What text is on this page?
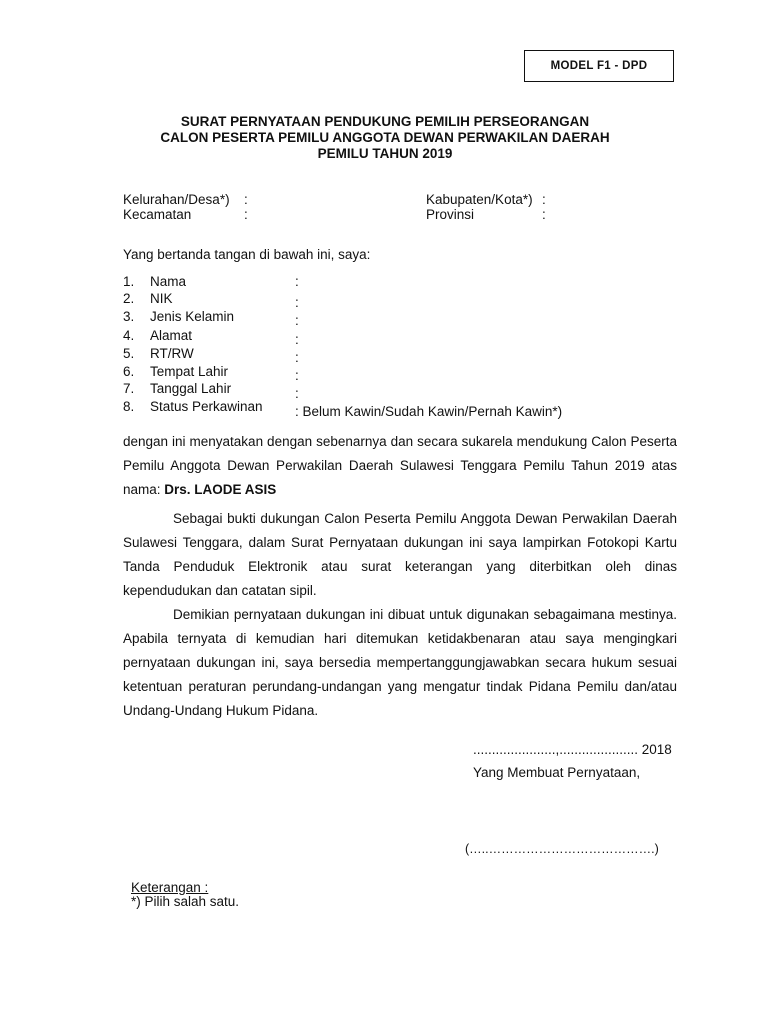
MODEL F1 - DPD
SURAT PERNYATAAN PENDUKUNG PEMILIH PERSEORANGAN
CALON PESERTA PEMILU ANGGOTA DEWAN PERWAKILAN DAERAH
PEMILU TAHUN 2019
Kelurahan/Desa*) :
Kecamatan	:
Kabupaten/Kota*) :
Provinsi	:
Yang bertanda tangan di bawah ini, saya:
1. Nama	:
2. NIK	:
3. Jenis Kelamin	:
4. Alamat	:
5. RT/RW	:
6. Tempat Lahir	:
7. Tanggal Lahir	:
8. Status Perkawinan : Belum Kawin/Sudah Kawin/Pernah Kawin*)
dengan ini menyatakan dengan sebenarnya dan secara sukarela mendukung Calon Peserta Pemilu Anggota Dewan Perwakilan Daerah Sulawesi Tenggara Pemilu Tahun 2019 atas nama: Drs. LAODE ASIS
Sebagai bukti dukungan Calon Peserta Pemilu Anggota Dewan Perwakilan Daerah Sulawesi Tenggara, dalam Surat Pernyataan dukungan ini saya lampirkan Fotokopi Kartu Tanda Penduduk Elektronik atau surat keterangan yang diterbitkan oleh dinas kependudukan dan catatan sipil.
Demikian pernyataan dukungan ini dibuat untuk digunakan sebagaimana mestinya. Apabila ternyata di kemudian hari ditemukan ketidakbenaran atau saya mengingkari pernyataan dukungan ini, saya bersedia mempertanggungjawabkan secara hukum sesuai ketentuan peraturan perundang-undangan yang mengatur tindak Pidana Pemilu dan/atau Undang-Undang Hukum Pidana.
......................,..................... 2018
Yang Membuat Pernyataan,
(…..………………………………….)
Keterangan :
*) Pilih salah satu.
